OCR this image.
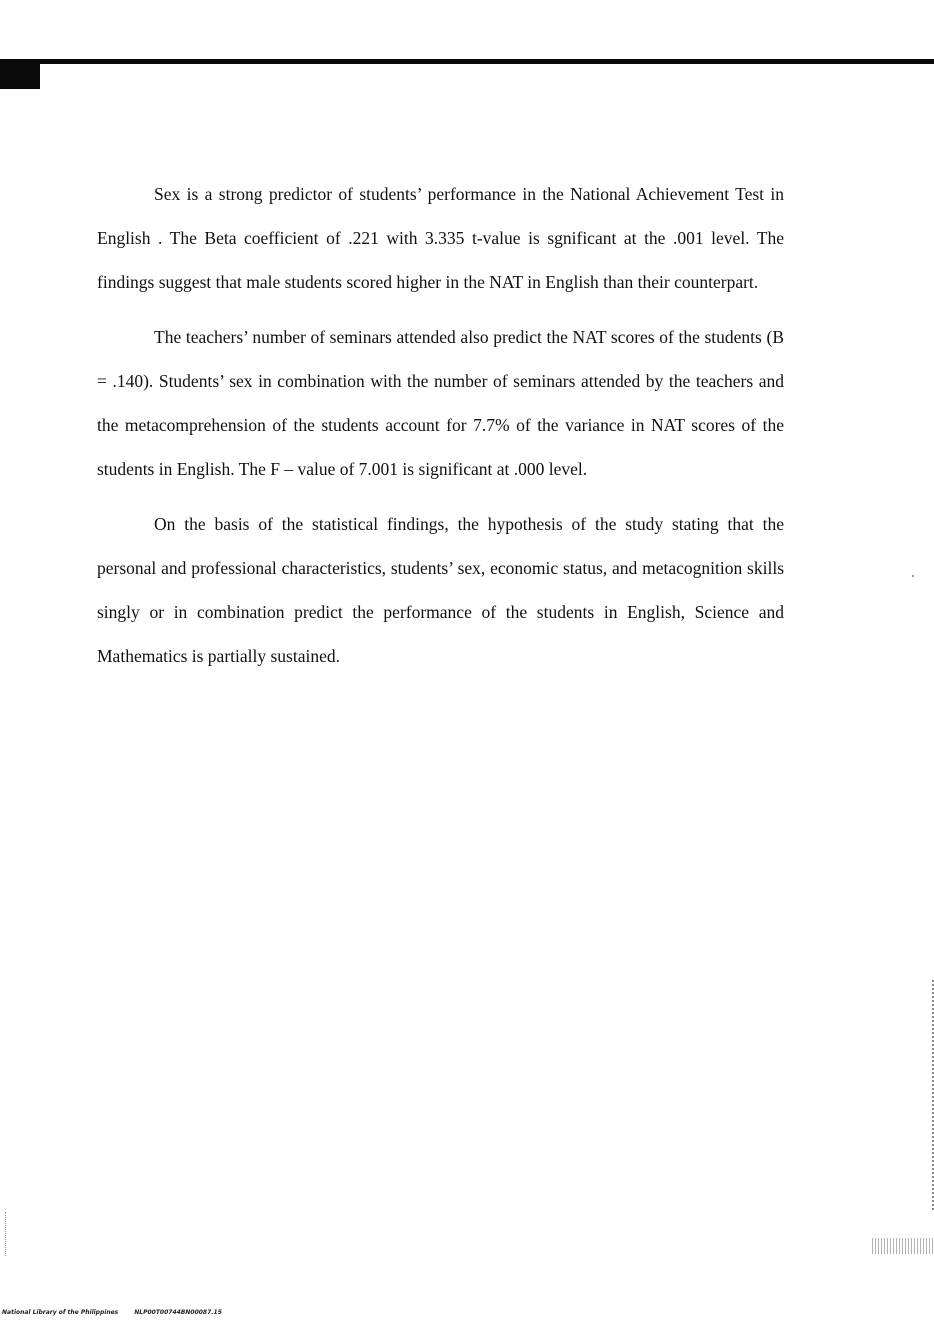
Sex is a strong predictor of students’ performance in the National Achievement Test in English . The Beta coefficient of .221 with 3.335 t-value is sgnificant at the .001 level. The findings suggest that male students scored higher in the NAT in English than their counterpart.

The teachers’ number of seminars attended also predict the NAT scores of the students (B = .140). Students’ sex in combination with the number of seminars attended by the teachers and the metacomprehension of the students account for 7.7% of the variance in NAT scores of the students in English. The F – value of 7.001 is significant at .000 level.

On the basis of the statistical findings, the hypothesis of the study stating that the personal and professional characteristics, students’ sex, economic status, and metacognition skills singly or in combination predict the performance of the students in English, Science and Mathematics is partially sustained.

National Library of the Philippines	NLP00T00744BN00087.15
